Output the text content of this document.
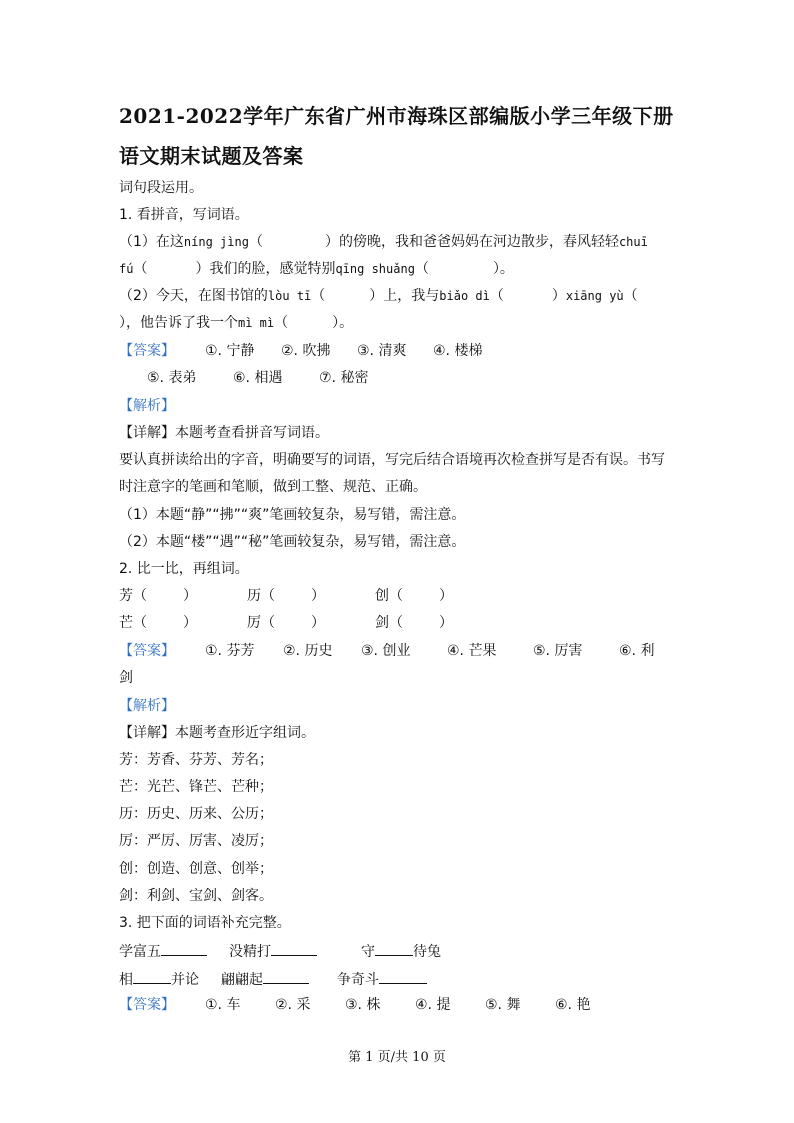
2021-2022学年广东省广州市海珠区部编版小学三年级下册
语文期末试题及答案
词句段运用。
1. 看拼音，写词语。
（1）在这níng jìng（	）的傍晚，我和爸爸妈妈在河边散步，春风轻轻chuī
fú（	）我们的脸，感觉特别qīng shuǎng（	）。
（2）今天，在图书馆的lòu tī（	）上，我与biǎo dì（	）xiāng yù（
），他告诉了我一个mì mì（	）。
【答案】 ①. 宁静 ②. 吹拂 ③. 清爽 ④. 楼梯
⑤. 表弟	⑥. 相遇	⑦. 秘密
【解析】
【详解】本题考查看拼音写词语。
要认真拼读给出的字音，明确要写的词语，写完后结合语境再次检查拼写是否有误。书写
时注意字的笔画和笔顺，做到工整、规范、正确。
（1）本题“静”“拂”“爽”笔画较复杂，易写错，需注意。
（2）本题“楼”“遇”“秘”笔画较复杂，易写错，需注意。
2. 比一比，再组词。
芳（	）	历（	）	创（	）
芒（	）	厉（	）	剑（	）
【答案】 ①. 芬芳 ②. 历史 ③. 创业	④. 芒果	⑤. 厉害	⑥. 利
剑
【解析】
【详解】本题考查形近字组词。
芳：芳香、芬芳、芳名；
芒：光芒、锋芒、芒种；
历：历史、历来、公历；
厉：严厉、厉害、凌厉；
创：创造、创意、创举；
剑：利剑、宝剑、剑客。
3. 把下面的词语补充完整。
学富五	没精打	守	待兔
相	并论 翩翩起	争奇斗
【答案】 ①. 车 ②. 采 ③. 株 ④. 提 ⑤. 舞 ⑥. 艳
第 1 页/共 10 页
